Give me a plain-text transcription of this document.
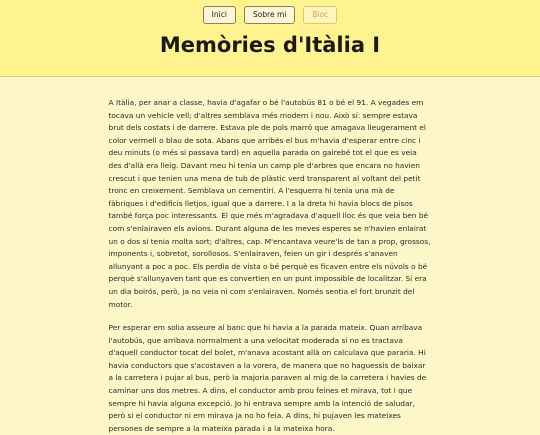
Inici	Sobre mi	Bloc
Memòries d'Itàlia I

A Itàlia, per anar a classe, havia d'agafar o bé l'autobús 81 o bé el 91. A vegades em tocava un vehicle vell; d'altres semblava més modern i nou. Això sí: sempre estava brut dels costats i de darrere. Estava ple de pols marró que amagava lleugerament el color vermell o blau de sota. Abans que arribés el bus m'havia d'esperar entre cinc i deu minuts (o més si passava tard) en aquella parada on gairebé tot el que es veia des d'allà era lleig. Davant meu hi tenia un camp ple d'arbres que encara no havien crescut i que tenien una mena de tub de plàstic verd transparent al voltant del petit tronc en creixement. Semblava un cementiri. A l'esquerra hi tenia una mà de fàbriques i d'edificis lletjos, igual que a darrere. I a la dreta hi havia blocs de pisos també força poc interessants. El que més m'agradava d'aquell lloc és que veia ben bé com s'enlairaven els avions. Durant alguna de les meves esperes se n'havien enlairat un o dos si tenia molta sort; d'altres, cap. M'encantava veure'ls de tan a prop, grossos, imponents i, sobretot, sorollosos. S'enlairaven, feien un gir i després s'anaven allunyant a poc a poc. Els perdia de vista o bé perquè es ficaven entre els núvols o bé perquè s'allunyaven tant que es convertien en un punt impossible de localitzar. Si era un dia boirós, però, ja no veia ni com s'enlairaven. Només sentia el fort brunzit del motor.

Per esperar em solia asseure al banc que hi havia a la parada mateix. Quan arribava l'autobús, que arribava normalment a una velocitat moderada si no es tractava d'aquell conductor tocat del bolet, m'anava acostant allà on calculava que pararia. Hi havia conductors que s'acostaven a la vorera, de manera que no haguessis de baixar a la carretera i pujar al bus, però la majoria paraven al mig de la carretera i havies de caminar uns dos metres. A dins, el conductor amb prou feines et mirava, tot i que sempre hi havia alguna excepció. Jo hi entrava sempre amb la intenció de saludar, però si el conductor ni em mirava ja no ho feia. A dins, hi pujaven les mateixes persones de sempre a la mateixa parada i a la mateixa hora.
